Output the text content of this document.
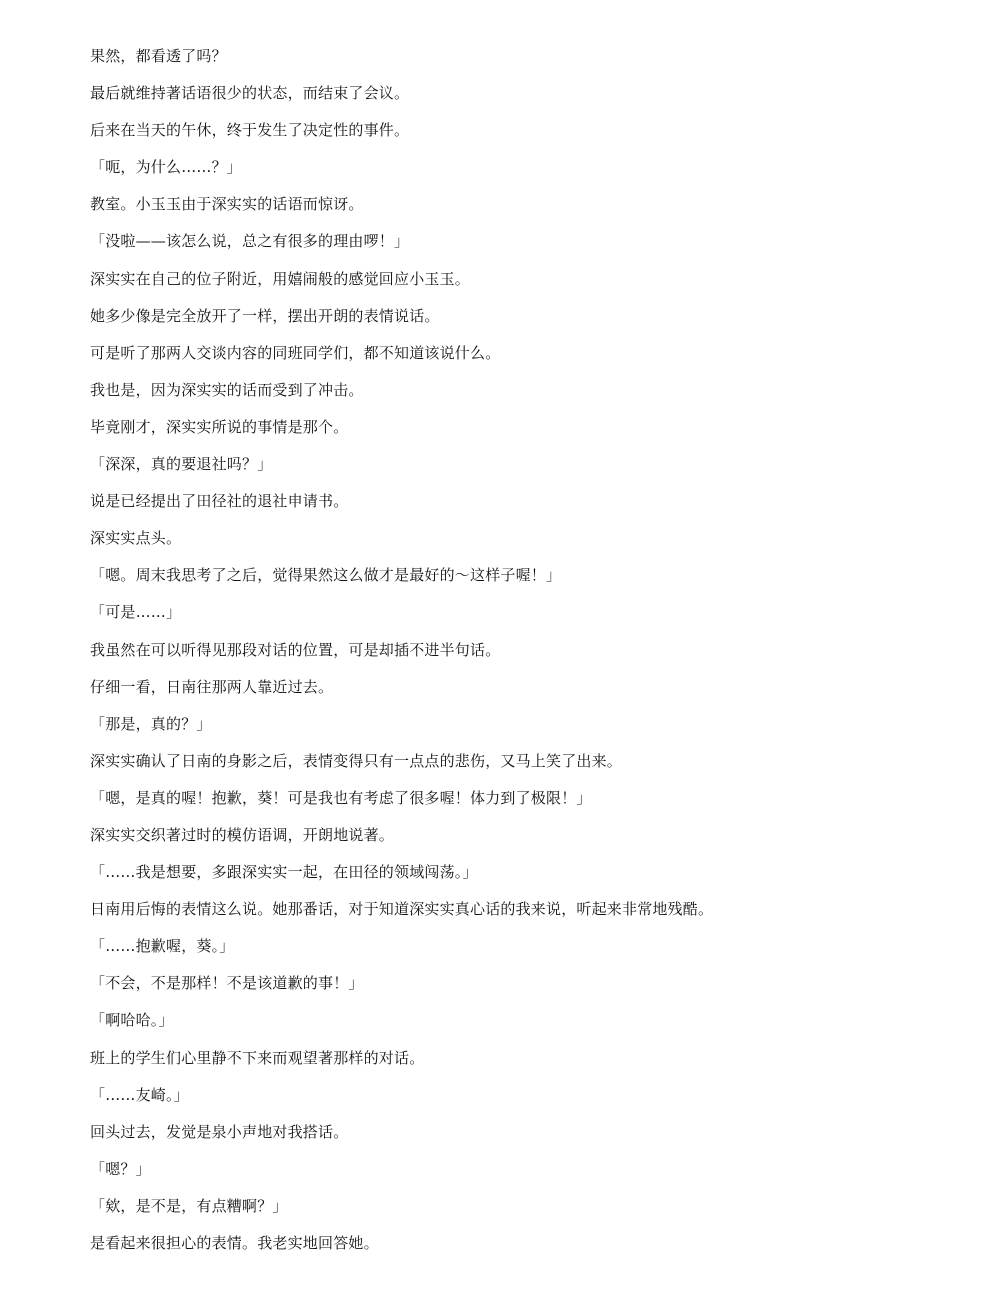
果然，都看透了吗？
最后就维持著话语很少的状态，而结束了会议。
后来在当天的午休，终于发生了决定性的事件。
「呃，为什么……？」
教室。小玉玉由于深实实的话语而惊讶。
「没啦——该怎么说，总之有很多的理由啰！」
深实实在自己的位子附近，用嬉闹般的感觉回应小玉玉。
她多少像是完全放开了一样，摆出开朗的表情说话。
可是听了那两人交谈内容的同班同学们，都不知道该说什么。
我也是，因为深实实的话而受到了冲击。
毕竟刚才，深实实所说的事情是那个。
「深深，真的要退社吗？」
说是已经提出了田径社的退社申请书。
深实实点头。
「嗯。周末我思考了之后，觉得果然这么做才是最好的～这样子喔！」
「可是……」
我虽然在可以听得见那段对话的位置，可是却插不进半句话。
仔细一看，日南往那两人靠近过去。
「那是，真的？」
深实实确认了日南的身影之后，表情变得只有一点点的悲伤，又马上笑了出来。
「嗯，是真的喔！抱歉，葵！可是我也有考虑了很多喔！体力到了极限！」
深实实交织著过时的模仿语调，开朗地说著。
「……我是想要，多跟深实实一起，在田径的领域闯荡。」
日南用后悔的表情这么说。她那番话，对于知道深实实真心话的我来说，听起来非常地残酷。
「……抱歉喔，葵。」
「不会，不是那样！不是该道歉的事！」
「啊哈哈。」
班上的学生们心里静不下来而观望著那样的对话。
「……友崎。」
回头过去，发觉是泉小声地对我搭话。
「嗯？」
「欸，是不是，有点糟啊？」
是看起来很担心的表情。我老实地回答她。
